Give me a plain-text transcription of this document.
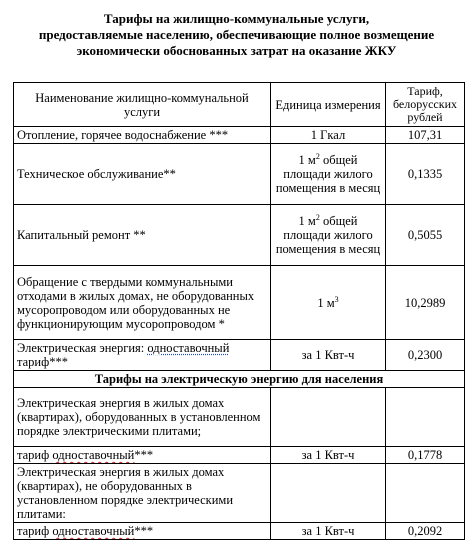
Тарифы на жилищно-коммунальные услуги,
предоставляемые населению, обеспечивающие полное возмещение
экономически обоснованных затрат на оказание ЖКУ
Наименование жилищно-коммунальной услуги	Единица измерения	Тариф, белорусских рублей
Отопление, горячее водоснабжение ***	1 Гкал	107,31
Техническое обслуживание**	1 $м^2$ общей площади жилого помещения в месяц	0,1335
Капитальный ремонт **	1 $м^2$ общей площади жилого помещения в месяц	0,5055
Обращение с твердыми коммунальными отходами в жилых домах, не оборудованных мусоропроводом или оборудованных не функционирующим мусоропроводом *	1 $м^3$	10,2989
Электрическая энергия: одноставочный тариф***	за 1 Квт-ч	0,2300
Тарифы на электрическую энергию для населения		
Электрическая энергия в жилых домах (квартирах), оборудованных в установленном порядке электрическими плитами;		
тариф одноставочный***	за 1 Квт-ч	0,1778
Электрическая энергия в жилых домах (квартирах), не оборудованных в установленном порядке электрическими плитами:		
тариф одноставочный***	за 1 Квт-ч	0,2092
